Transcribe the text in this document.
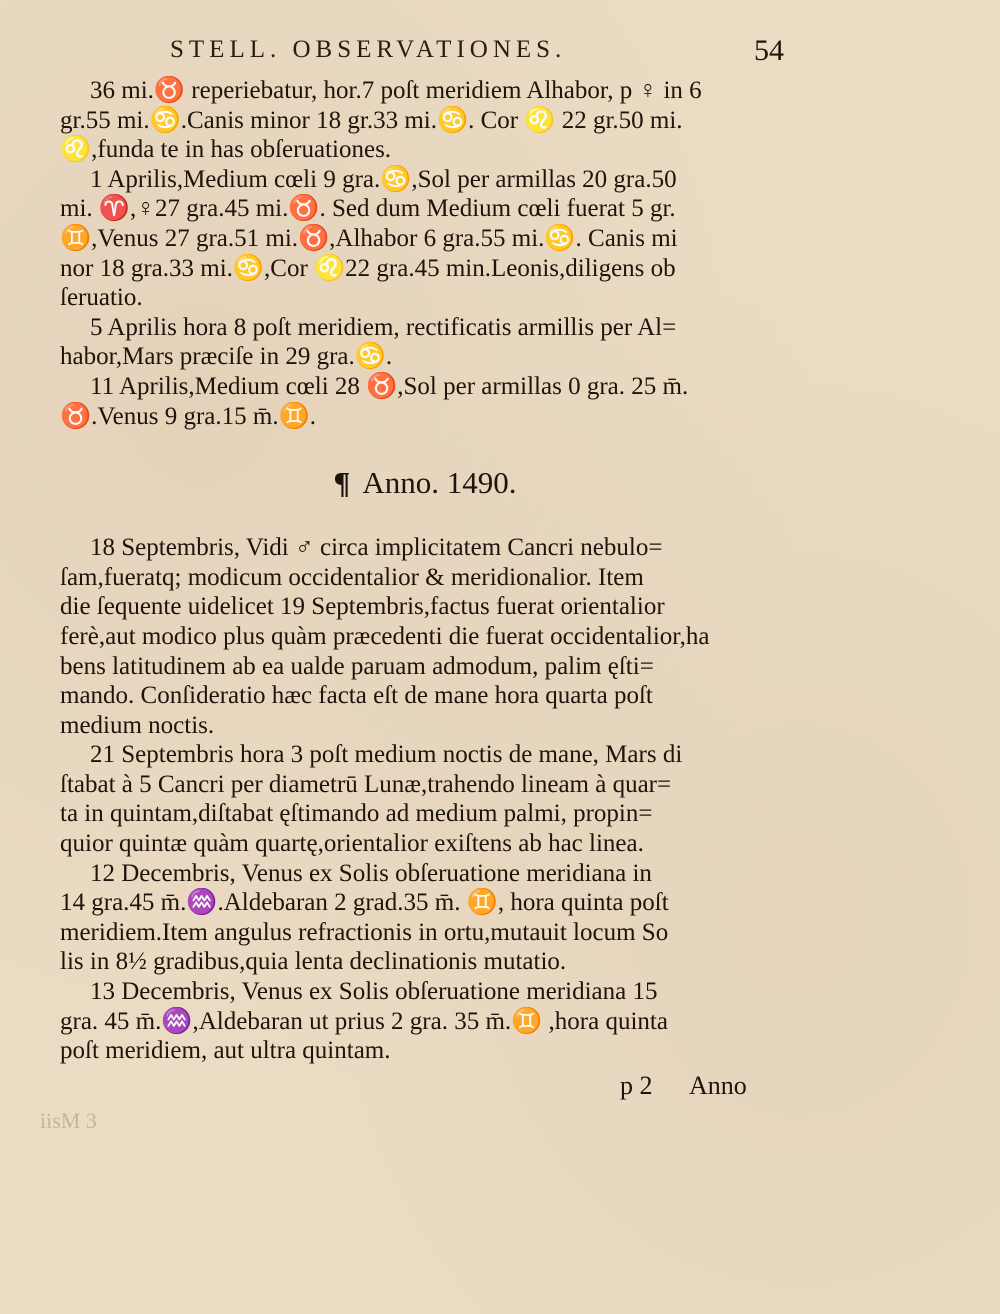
STELL. OBSERVATIONES.	54
36 mi.♉ reperiebatur, hor.7 poſt meridiem Alhabor, p ♀ in 6
gr.55 mi.♋.Canis minor 18 gr.33 mi.♋. Cor ♌ 22 gr.50 mi.
♌,funda te in has obſeruationes.
1 Aprilis,Medium cœli 9 gra.♋,Sol per armillas 20 gra.50
mi. ♈,♀27 gra.45 mi.♉. Sed dum Medium cœli fuerat 5 gr.
♊,Venus 27 gra.51 mi.♉,Alhabor 6 gra.55 mi.♋. Canis mi
nor 18 gra.33 mi.♋,Cor ♌22 gra.45 min.Leonis,diligens ob
ſeruatio.
5 Aprilis hora 8 poſt meridiem, rectificatis armillis per Al=
habor,Mars præciſe in 29 gra.♋.
11 Aprilis,Medium cœli 28 ♉,Sol per armillas 0 gra. 25 m̄.
♉.Venus 9 gra.15 m̄.♊.
¶ Anno. 1490.
18 Septembris, Vidi ♂ circa implicitatem Cancri nebulo=
ſam,fueratq; modicum occidentalior & meridionalior. Item
die ſequente uidelicet 19 Septembris,factus fuerat orientalior
ferè,aut modico plus quàm præcedenti die fuerat occidentalior,ha
bens latitudinem ab ea ualde paruam admodum, palim ęſti=
mando. Conſideratio hæc facta eſt de mane hora quarta poſt
medium noctis.
21 Septembris hora 3 poſt medium noctis de mane, Mars di
ſtabat à 5 Cancri per diametrū Lunæ,trahendo lineam à quar=
ta in quintam,diſtabat ęſtimando ad medium palmi, propin=
quior quintæ quàm quartę,orientalior exiſtens ab hac linea.
12 Decembris, Venus ex Solis obſeruatione meridiana in
14 gra.45 m̄.♒.Aldebaran 2 grad.35 m̄. ♊, hora quinta poſt
meridiem.Item angulus refractionis in ortu,mutauit locum So
lis in 8½ gradibus,quia lenta declinationis mutatio.
13 Decembris, Venus ex Solis obſeruatione meridiana 15
gra. 45 m̄.♒,Aldebaran ut prius 2 gra. 35 m̄.♊ ,hora quinta
poſt meridiem, aut ultra quintam.
p 2 Anno
iisM 3
